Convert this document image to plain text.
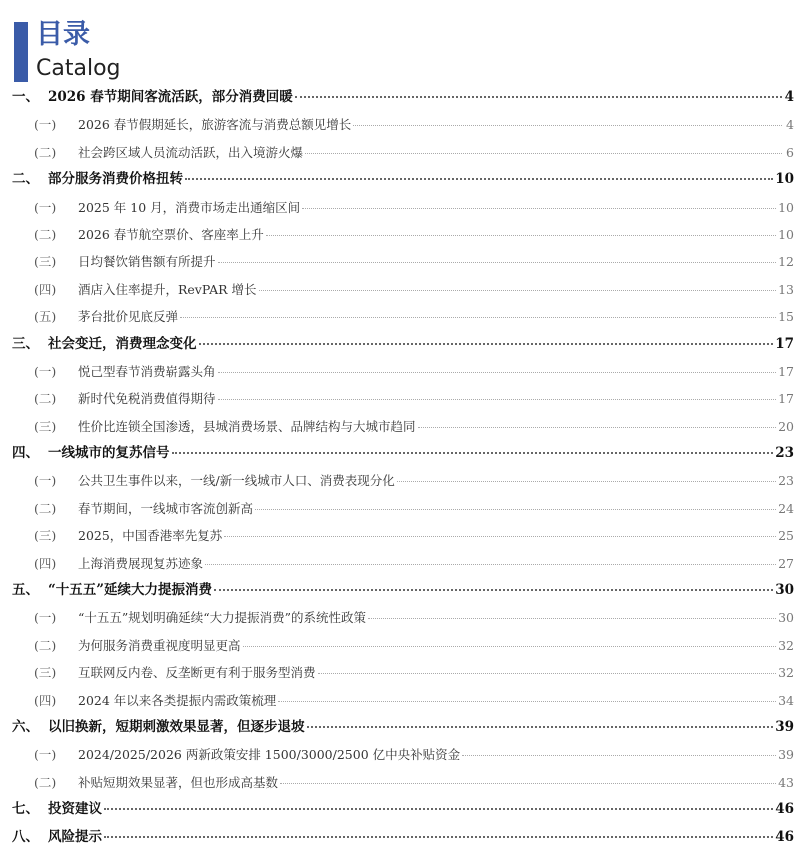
目录
Catalog
一、 2026 春节期间客流活跃，部分消费回暖	4
(一)	2026 春节假期延长，旅游客流与消费总额见增长	4
(二)	社会跨区域人员流动活跃，出入境游火爆	6
二、 部分服务消费价格扭转	10
(一)	2025 年 10 月，消费市场走出通缩区间	10
(二)	2026 春节航空票价、客座率上升	10
(三)	日均餐饮销售额有所提升	12
(四)	酒店入住率提升，RevPAR 增长	13
(五)	茅台批价见底反弹	15
三、 社会变迁，消费理念变化	17
(一)	悦己型春节消费崭露头角	17
(二)	新时代免税消费值得期待	17
(三)	性价比连锁全国渗透，县城消费场景、品牌结构与大城市趋同	20
四、 一线城市的复苏信号	23
(一)	公共卫生事件以来，一线/新一线城市人口、消费表现分化	23
(二)	春节期间，一线城市客流创新高	24
(三)	2025，中国香港率先复苏	25
(四)	上海消费展现复苏迹象	27
五、 “十五五”延续大力提振消费	30
(一)	“十五五”规划明确延续“大力提振消费”的系统性政策	30
(二)	为何服务消费重视度明显更高	32
(三)	互联网反内卷、反垄断更有利于服务型消费	32
(四)	2024 年以来各类提振内需政策梳理	34
六、 以旧换新，短期刺激效果显著，但逐步退坡	39
(一)	2024/2025/2026 两新政策安排 1500/3000/2500 亿中央补贴资金	39
(二)	补贴短期效果显著，但也形成高基数	43
七、 投资建议	46
八、 风险提示	46
